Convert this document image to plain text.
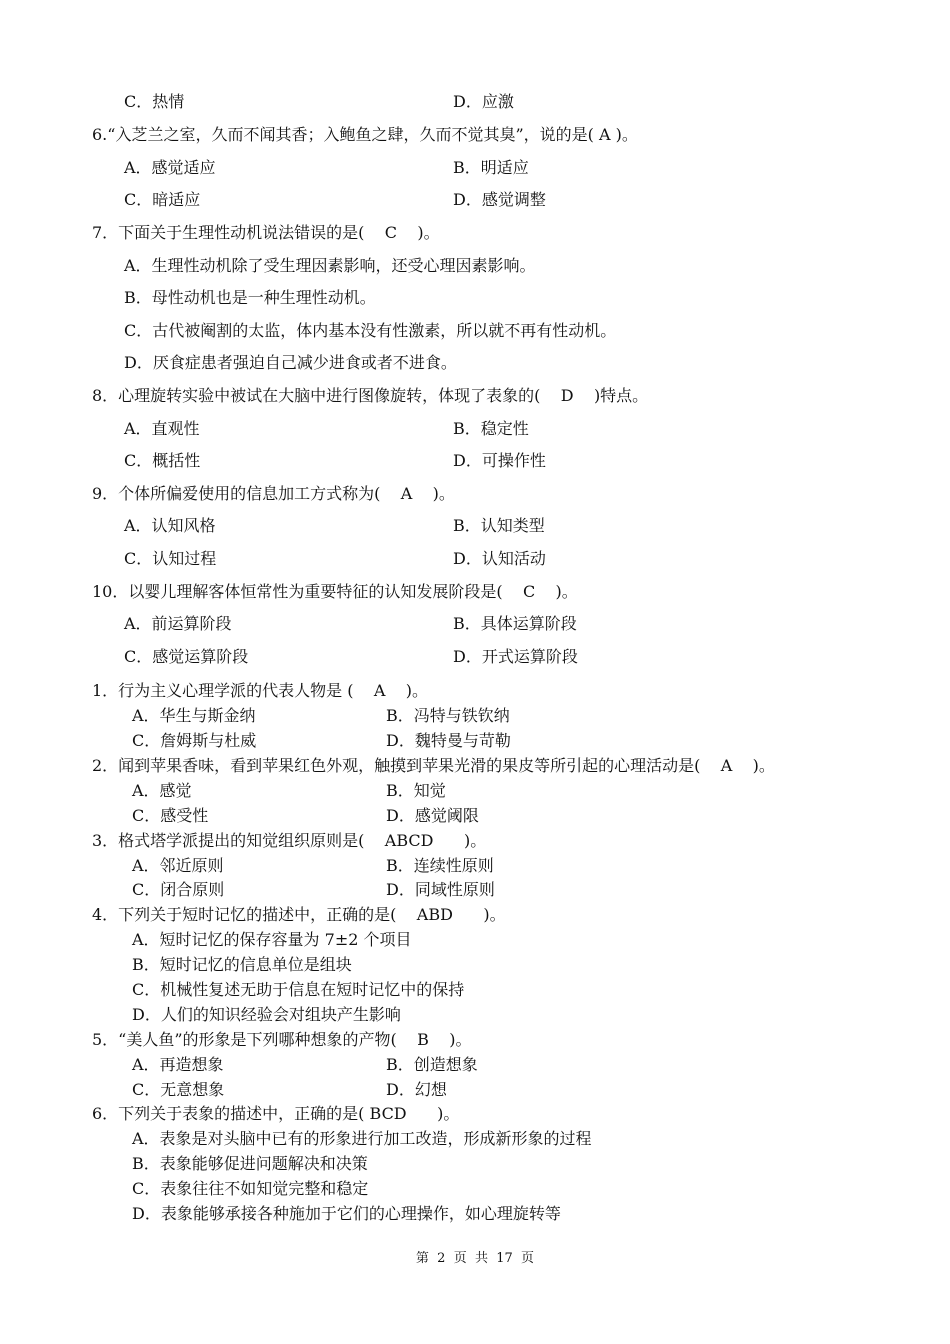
C．热情	D．应激
6.“入芝兰之室，久而不闻其香；入鲍鱼之肆，久而不觉其臭”，说的是( A )。
A．感觉适应	B．明适应
C．暗适应	D．感觉调整
7．下面关于生理性动机说法错误的是(    C    )。
A．生理性动机除了受生理因素影响，还受心理因素影响。
B．母性动机也是一种生理性动机。
C．古代被阉割的太监，体内基本没有性激素，所以就不再有性动机。
D．厌食症患者强迫自己减少进食或者不进食。
8．心理旋转实验中被试在大脑中进行图像旋转，体现了表象的(    D    )特点。
A．直观性	B．稳定性
C．概括性	D．可操作性
9．个体所偏爱使用的信息加工方式称为(    A    )。
A．认知风格	B．认知类型
C．认知过程	D．认知活动
10．以婴儿理解客体恒常性为重要特征的认知发展阶段是(    C    )。
A．前运算阶段	B．具体运算阶段
C．感觉运算阶段	D．开式运算阶段
1．行为主义心理学派的代表人物是 (    A    )。
A．华生与斯金纳	B．冯特与铁钦纳
C．詹姆斯与杜威	D．魏特曼与苛勒
2．闻到苹果香味，看到苹果红色外观，触摸到苹果光滑的果皮等所引起的心理活动是(    A    )。
A．感觉	B．知觉
C．感受性	D．感觉阈限
3．格式塔学派提出的知觉组织原则是(    ABCD      )。
A．邻近原则	B．连续性原则
C．闭合原则	D．同域性原则
4．下列关于短时记忆的描述中，正确的是(    ABD      )。
A．短时记忆的保存容量为 7±2 个项目
B．短时记忆的信息单位是组块
C．机械性复述无助于信息在短时记忆中的保持
D．人们的知识经验会对组块产生影响
5．“美人鱼”的形象是下列哪种想象的产物(    B    )。
A．再造想象	B．创造想象
C．无意想象	D．幻想
6．下列关于表象的描述中，正确的是( BCD      )。
A．表象是对头脑中已有的形象进行加工改造，形成新形象的过程
B．表象能够促进问题解决和决策
C．表象往往不如知觉完整和稳定
D．表象能够承接各种施加于它们的心理操作，如心理旋转等
第  2  页  共  17  页
